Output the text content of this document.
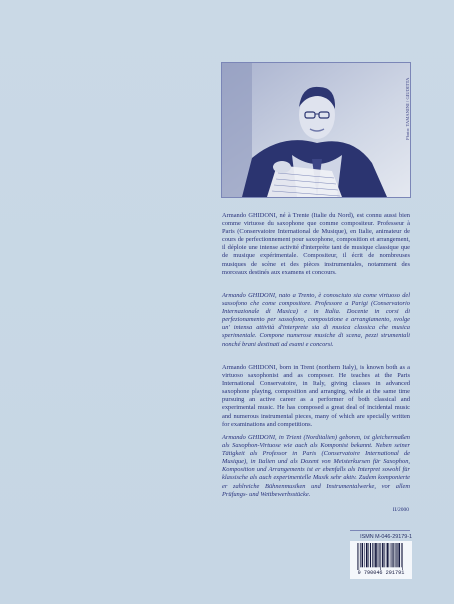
Photo: TAMANINI / GIUDITTA

Armando GHIDONI, né à Trente (Italie du Nord), est connu aussi bien comme virtuose du saxophone que comme compositeur. Professeur à Paris (Conservatoire International de Musique), en Italie, animateur de cours de perfectionnement pour saxophone, composition et arrangement, il déploie une intense activité d'interprète tant de musique classique que de musique expérimentale. Compositeur, il écrit de nombreuses musiques de scène et des pièces instrumentales, notamment des morceaux destinés aux examens et concours.

Armando GHIDONI, nato a Trento, è conosciuto sia come virtuoso del sassofono che come compositore. Professore a Parigi (Conservatorio Internazionale di Musica) e in Italia. Docente in corsi di perfezionamento per sassofono, composizione e arrangiamento, svolge un' intensa attività d'interprete sia di musica classica che musica sperimentale. Compone numerose musiche di scena, pezzi strumentali nonché brani destinati ad esami e concorsi.

Armando GHIDONI, born in Trent (northern Italy), is known both as a virtuoso saxophonist and as composer. He teaches at the Paris International Conservatoire, in Italy, giving classes in advanced saxophone playing, composition and arranging, while at the same time pursuing an active career as a performer of both classical and experimental music. He has composed a great deal of incidental music and numerous instrumental pieces, many of which are specially written for examinations and competitions.

Armando GHIDONI, in Trient (Norditalien) geboren, ist gleichermaßen als Saxophon-Virtuose wie auch als Komponist bekannt. Neben seiner Tätigkeit als Professor in Paris (Conservatoire International de Musique), in Italien und als Dozent von Meisterkursen für Saxophon, Komposition und Arrangements ist er ebenfalls als Interpret sowohl für klassische als auch experimentelle Musik sehr aktiv. Zudem komponierte er zahlreiche Bühnenmusiken und Instrumentalwerke, vor allem Prüfungs- und Wettbewerbsstücke.

II/2000
ISMN M-046-29179-1
9 790046 291791
